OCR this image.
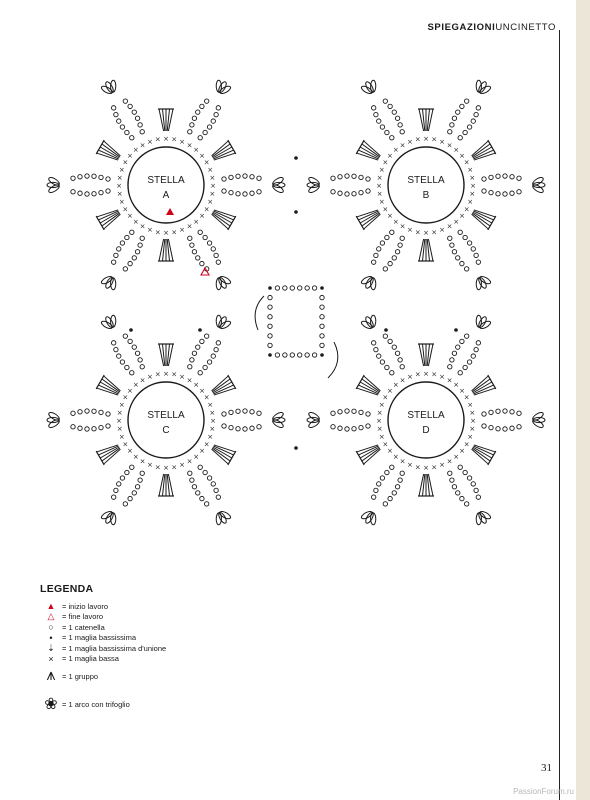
SPIEGAZIONIUNCINETTO
×
×
×
×
×
×
×
×
×
×
×
×
×
×
×
×
×
×
×
×
×
×
×
×
× × × × × × ×
×
×
×
×
×
STELLA
A
×
×
×
×
×
×
×
×
×
×
×
×
×
×
×
×
×
×
×
×
×
×
×
×
× × × × × × ×
×
×
×
×
×
STELLA
B
×
×
×
×
×
×
×
×
×
×
×
×
×
×
×
×
×
×
×
×
×
×
×
×
× × × × × × ×
×
×
×
×
×
STELLA
C
×
×
×
×
×
×
×
×
×
×
×
×
×
×
×
×
×
×
×
×
×
×
×
×
× × × × × × ×
×
×
×
×
×
STELLA
D
LEGENDA
▲ = inizio lavoro
△	= fine lavoro
○	= 1 catenella
•	= 1 maglia bassissima
⇣ = 1 maglia bassissima d'unione
×	= 1 maglia bassa
⩚ = 1 gruppo
❀ = 1 arco con trifoglio
31
PassionForum.ru
